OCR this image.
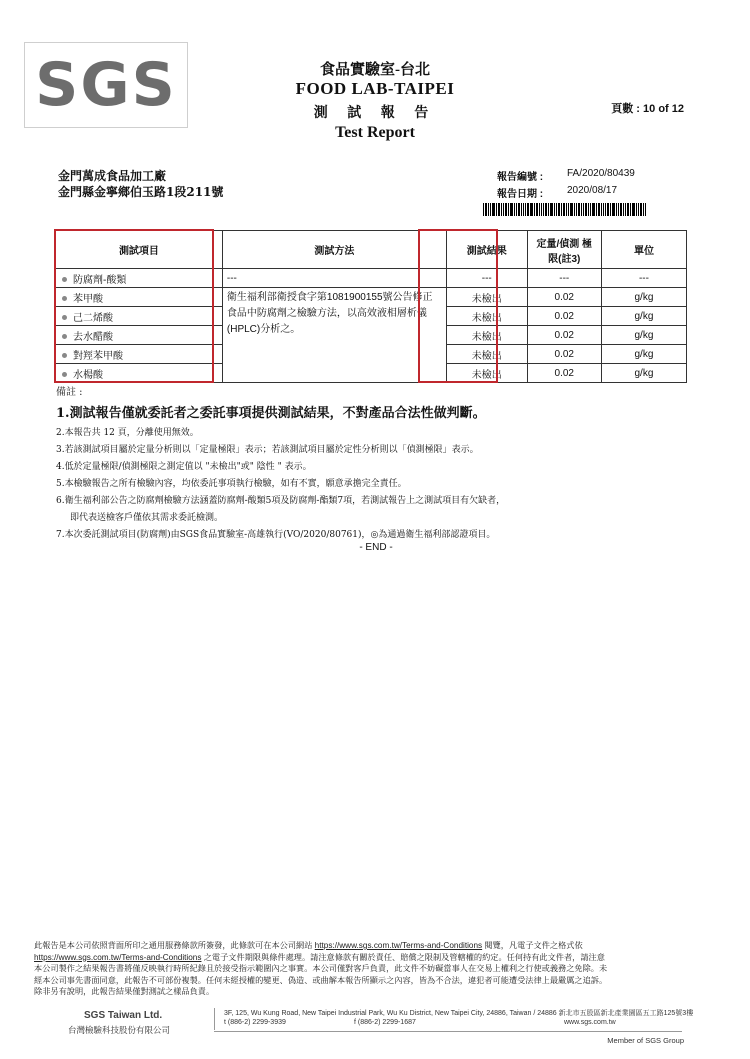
SGS	食品實驗室-台北
FOOD LAB-TAIPEI
測 試 報 告
Test Report
頁數 : 10 of 12
金門萬成食品加工廠
金門縣金寧鄉伯玉路1段211號
報告編號 : FA/2020/80439
報告日期 : 2020/08/17
測試項目	測試方法	測試結果	定量/偵測 極限(註3)	單位
防腐劑-酸類	---	---	---	---
苯甲酸	衛生福利部衛授食字第1081900155號公告修正食品中防腐劑之檢驗方法，以高效液相層析儀(HPLC)分析之。	未檢出	0.02	g/kg
己二烯酸		未檢出	0.02	g/kg
去水醋酸		未檢出	0.02	g/kg
對羥苯甲酸		未檢出	0.02	g/kg
水楊酸		未檢出	0.02	g/kg
備註 :
1.測試報告僅就委託者之委託事項提供測試結果，不對產品合法性做判斷。
2.本報告共 12 頁，分離使用無效。
3.若該測試項目屬於定量分析則以「定量極限」表示；若該測試項目屬於定性分析則以「偵測極限」表示。
4.低於定量極限/偵測極限之測定值以 "未檢出"或" 陰性 " 表示。
5.本檢驗報告之所有檢驗內容，均依委託事項執行檢驗，如有不實，願意承擔完全責任。
6.衛生福利部公告之防腐劑檢驗方法涵蓋防腐劑-酸類5項及防腐劑-酯類7項，若測試報告上之測試項目有欠缺者，
即代表送檢客戶僅依其需求委託檢測。
7.本次委託測試項目(防腐劑)由SGS食品實驗室-高雄執行(VO/2020/80761)，◎為通過衛生福利部認證項目。
- END -
此報告是本公司依照背面所印之通用服務條款所簽發，此條款可在本公司網站 https://www.sgs.com.tw/Terms-and-Conditions 閱覽，凡電子文件之格式依
https://www.sgs.com.tw/Terms-and-Conditions 之電子文件期限與條件處理。請注意條款有關於責任、賠償之限制及管轄權的約定。任何持有此文件者，請注意
本公司製作之結果報告書將僅反映執行時所紀錄且於接受指示範圍內之事實。本公司僅對客戶負責，此文件不妨礙當事人在交易上權利之行使或義務之免除。未
經本公司事先書面同意，此報告不可部份複製。任何未經授權的變更、偽造、或曲解本報告所顯示之內容，皆為不合法，違犯者可能遭受法律上最嚴厲之追訴。
除非另有說明，此報告結果僅對測試之樣品負責。
SGS Taiwan Ltd.
台灣檢驗科技股份有限公司
3F, 125, Wu Kung Road, New Taipei Industrial Park, Wu Ku District, New Taipei City, 24886, Taiwan / 24886 新北市五股區新北產業園區五工路125號3樓
t (886-2) 2299-3939	f (886-2) 2299-1687	www.sgs.com.tw
Member of SGS Group
